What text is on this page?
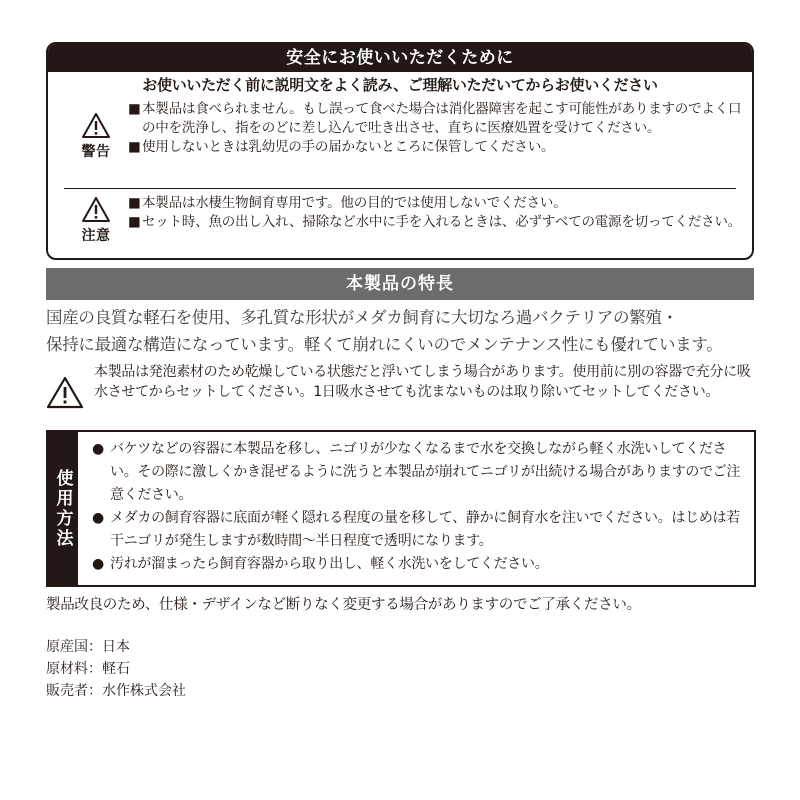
安全にお使いいただくために
お使いいただく前に説明文をよく読み、ご理解いただいてからお使いください
警告
■ 本製品は食べられません。もし誤って食べた場合は消化器障害を起こす可能性がありますのでよく口の中を洗浄し、指をのどに差し込んで吐き出させ、直ちに医療処置を受けてください。
■ 使用しないときは乳幼児の手の届かないところに保管してください。
注意
■ 本製品は水棲生物飼育専用です。他の目的では使用しないでください。
■ セット時、魚の出し入れ、掃除など水中に手を入れるときは、必ずすべての電源を切ってください。
本製品の特長
国産の良質な軽石を使用、多孔質な形状がメダカ飼育に大切なろ過バクテリアの繁殖・
保持に最適な構造になっています。軽くて崩れにくいのでメンテナンス性にも優れています。
本製品は発泡素材のため乾燥している状態だと浮いてしまう場合があります。使用前に別の容器で充分に吸水させてからセットしてください。1日吸水させても沈まないものは取り除いてセットしてください。
使用方法
● バケツなどの容器に本製品を移し、ニゴリが少なくなるまで水を交換しながら軽く水洗いしてください。その際に激しくかき混ぜるように洗うと本製品が崩れてニゴリが出続ける場合がありますのでご注意ください。
● メダカの飼育容器に底面が軽く隠れる程度の量を移して、静かに飼育水を注いでください。はじめは若干ニゴリが発生しますが数時間〜半日程度で透明になります。
● 汚れが溜まったら飼育容器から取り出し、軽く水洗いをしてください。
製品改良のため、仕様・デザインなど断りなく変更する場合がありますのでご了承ください。
原産国：日本
原材料：軽石
販売者：水作株式会社
